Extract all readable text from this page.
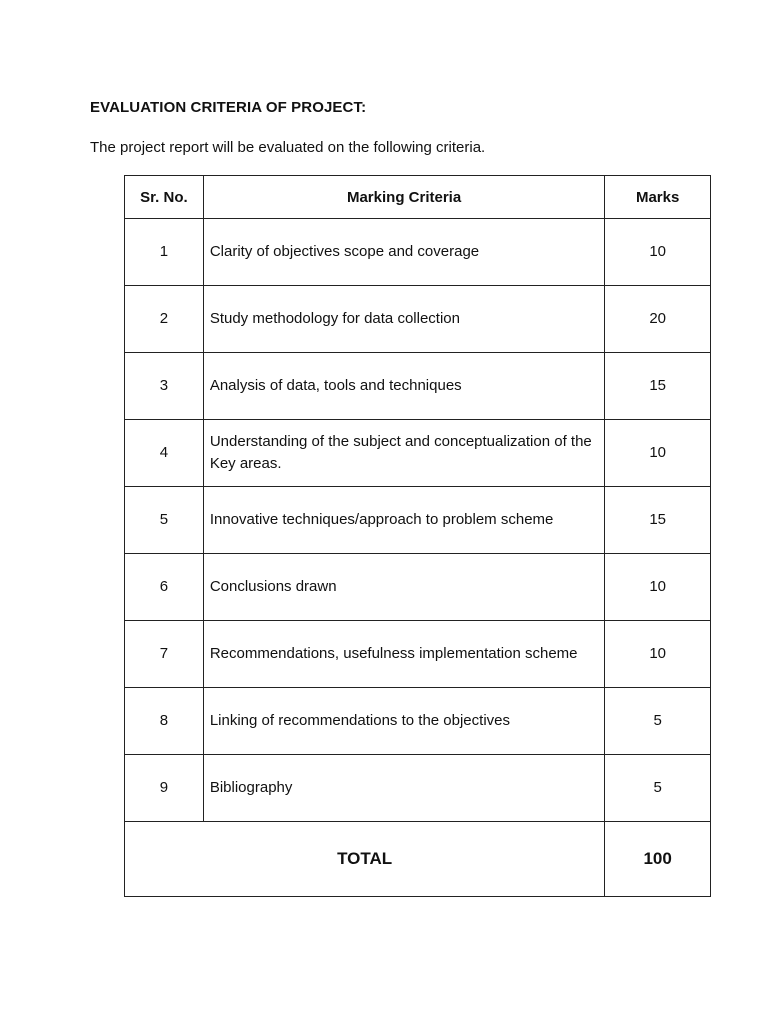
EVALUATION CRITERIA OF PROJECT:
The project report will be evaluated on the following criteria.
Sr. No.	Marking Criteria	Marks
1	Clarity of objectives scope and coverage	10
2	Study methodology for data collection	20
3	Analysis of data, tools and techniques	15
4	Understanding of the subject and conceptualization of the Key areas.	10
5	Innovative techniques/approach to problem scheme	15
6	Conclusions drawn	10
7	Recommendations, usefulness implementation scheme	10
8	Linking of recommendations to the objectives	5
9	Bibliography	5
TOTAL		100
